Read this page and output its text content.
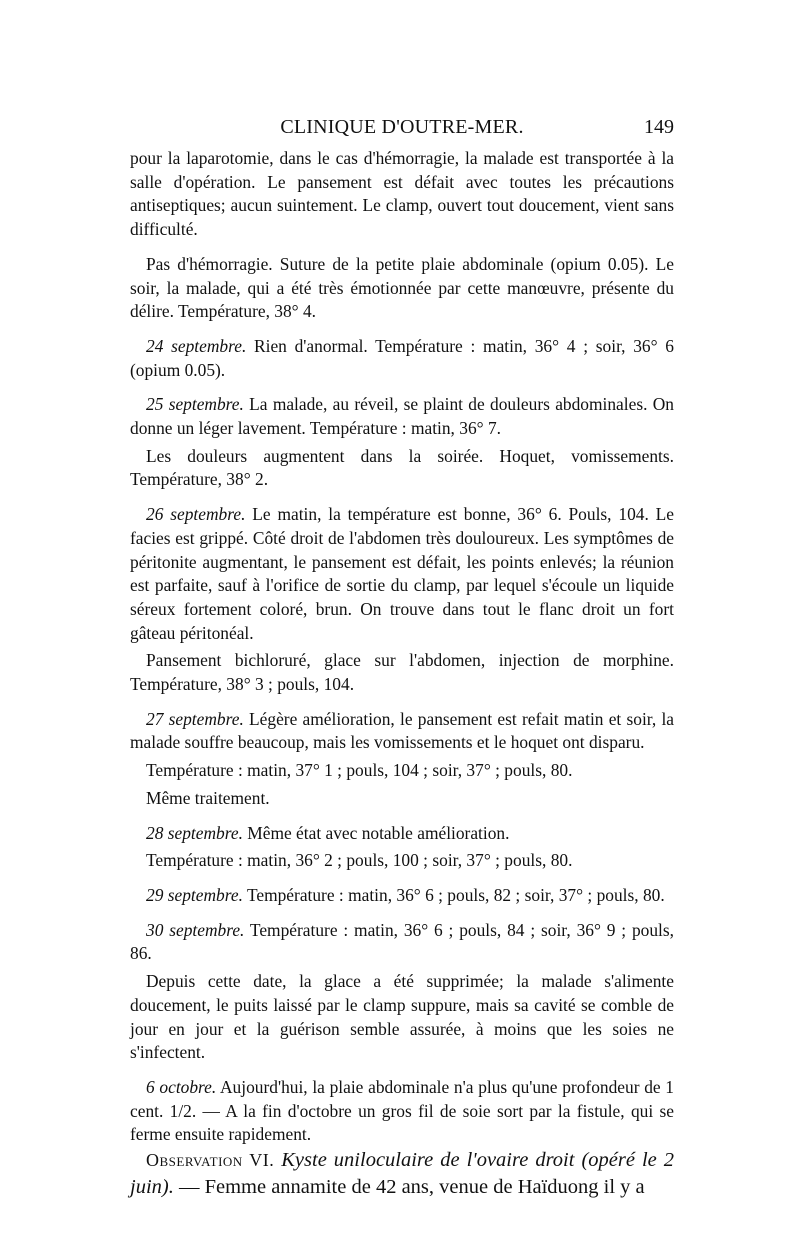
CLINIQUE D'OUTRE-MER.	149

pour la laparotomie, dans le cas d'hémorragie, la malade est transportée à la salle d'opération. Le pansement est défait avec toutes les précautions antiseptiques; aucun suintement. Le clamp, ouvert tout doucement, vient sans difficulté.

Pas d'hémorragie. Suture de la petite plaie abdominale (opium 0.05). Le soir, la malade, qui a été très émotionnée par cette manœuvre, présente du délire. Température, 38° 4.

24 septembre. Rien d'anormal. Température : matin, 36° 4 ; soir, 36° 6 (opium 0.05).

25 septembre. La malade, au réveil, se plaint de douleurs abdominales. On donne un léger lavement. Température : matin, 36° 7.

Les douleurs augmentent dans la soirée. Hoquet, vomissements. Température, 38° 2.

26 septembre. Le matin, la température est bonne, 36° 6. Pouls, 104. Le facies est grippé. Côté droit de l'abdomen très douloureux. Les symptômes de péritonite augmentant, le pansement est défait, les points enlevés; la réunion est parfaite, sauf à l'orifice de sortie du clamp, par lequel s'écoule un liquide séreux fortement coloré, brun. On trouve dans tout le flanc droit un fort gâteau péritonéal.

Pansement bichloruré, glace sur l'abdomen, injection de morphine. Température, 38° 3 ; pouls, 104.

27 septembre. Légère amélioration, le pansement est refait matin et soir, la malade souffre beaucoup, mais les vomissements et le hoquet ont disparu.

Température : matin, 37° 1 ; pouls, 104 ; soir, 37° ; pouls, 80.

Même traitement.

28 septembre. Même état avec notable amélioration.

Température : matin, 36° 2 ; pouls, 100 ; soir, 37° ; pouls, 80.

29 septembre. Température : matin, 36° 6 ; pouls, 82 ; soir, 37° ; pouls, 80.

30 septembre. Température : matin, 36° 6 ; pouls, 84 ; soir, 36° 9 ; pouls, 86.

Depuis cette date, la glace a été supprimée; la malade s'alimente doucement, le puits laissé par le clamp suppure, mais sa cavité se comble de jour en jour et la guérison semble assurée, à moins que les soies ne s'infectent.

6 octobre. Aujourd'hui, la plaie abdominale n'a plus qu'une profondeur de 1 cent. 1/2. — A la fin d'octobre un gros fil de soie sort par la fistule, qui se ferme ensuite rapidement.

Observation VI. Kyste uniloculaire de l'ovaire droit (opéré le 2 juin). — Femme annamite de 42 ans, venue de Haïduong il y a
